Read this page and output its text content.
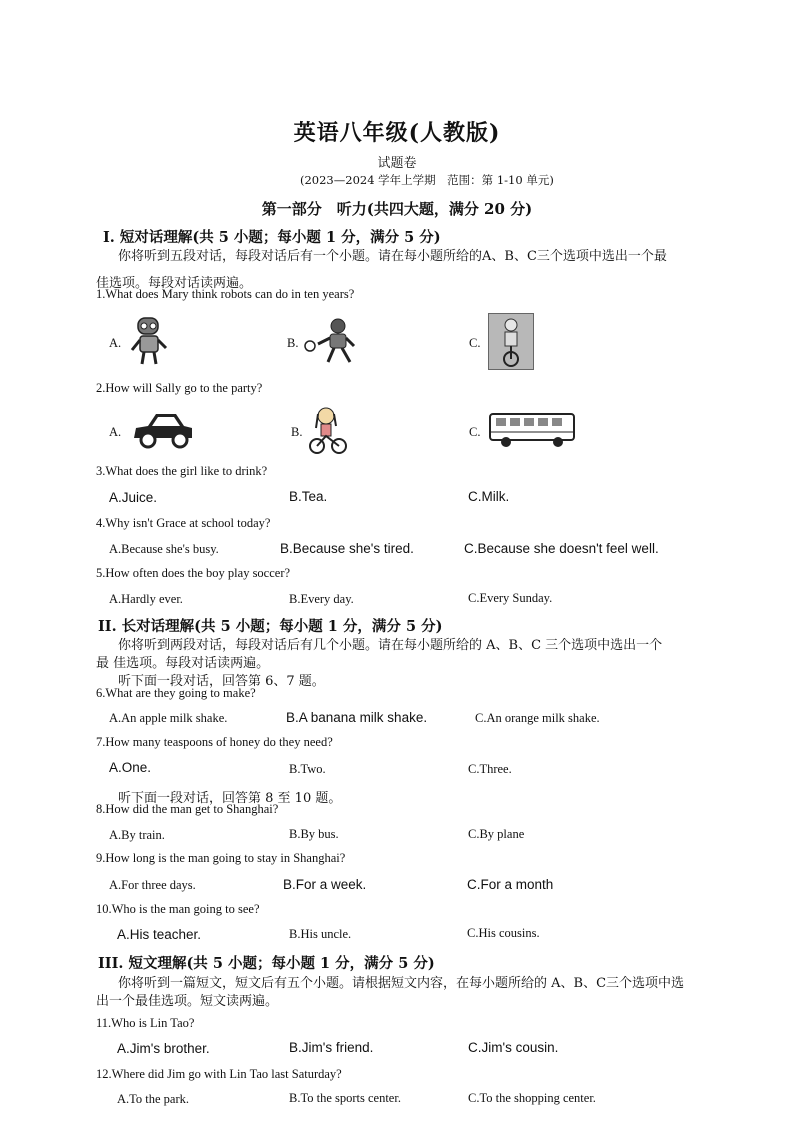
英语八年级(人教版)
试题卷
(2023—2024 学年上学期　范围：第 1-10 单元)
第一部分　听力(共四大题，满分 20 分)
I. 短对话理解(共 5 小题；每小题 1 分，满分 5 分)
你将听到五段对话，每段对话后有一个小题。请在每小题所给的A、B、C三个选项中选出一个最
佳选项。每段对话读两遍。
1.What does Mary think robots can do in ten years?
A.	B.	C.
2.How will Sally go to the party?
A.	B.	C.
3.What does the girl like to drink?
A.Juice.	B.Tea.	C.Milk.
4.Why isn't Grace at school today?
A.Because she's busy.	B.Because she's tired.	C.Because she doesn't feel well.
5.How often does the boy play soccer?
A.Hardly ever.	B.Every day.	C.Every Sunday.
II. 长对话理解(共 5 小题；每小题 1 分，满分 5 分)
你将听到两段对话，每段对话后有几个小题。请在每小题所给的 A、B、C 三个选项中选出一个
最 佳选项。每段对话读两遍。
听下面一段对话，回答第 6、7 题。
6.What are they going to make?
A.An apple milk shake.	B.A banana milk shake.	C.An orange milk shake.
7.How many teaspoons of honey do they need?
A.One.	B.Two.	C.Three.
听下面一段对话，回答第 8 至 10 题。
8.How did the man get to Shanghai?
A.By train.	B.By bus.	C.By plane
9.How long is the man going to stay in Shanghai?
A.For three days.	B.For a week.	C.For a month
10.Who is the man going to see?
A.His teacher.	B.His uncle.	C.His cousins.
III. 短文理解(共 5 小题；每小题 1 分，满分 5 分)
你将听到一篇短文，短文后有五个小题。请根据短文内容，在每小题所给的 A、B、C三个选项中选
出一个最佳选项。短文读两遍。
11.Who is Lin Tao?
A.Jim's brother.	B.Jim's friend.	C.Jim's cousin.
12.Where did Jim go with Lin Tao last Saturday?
A.To the park.	B.To the sports center.	C.To the shopping center.
